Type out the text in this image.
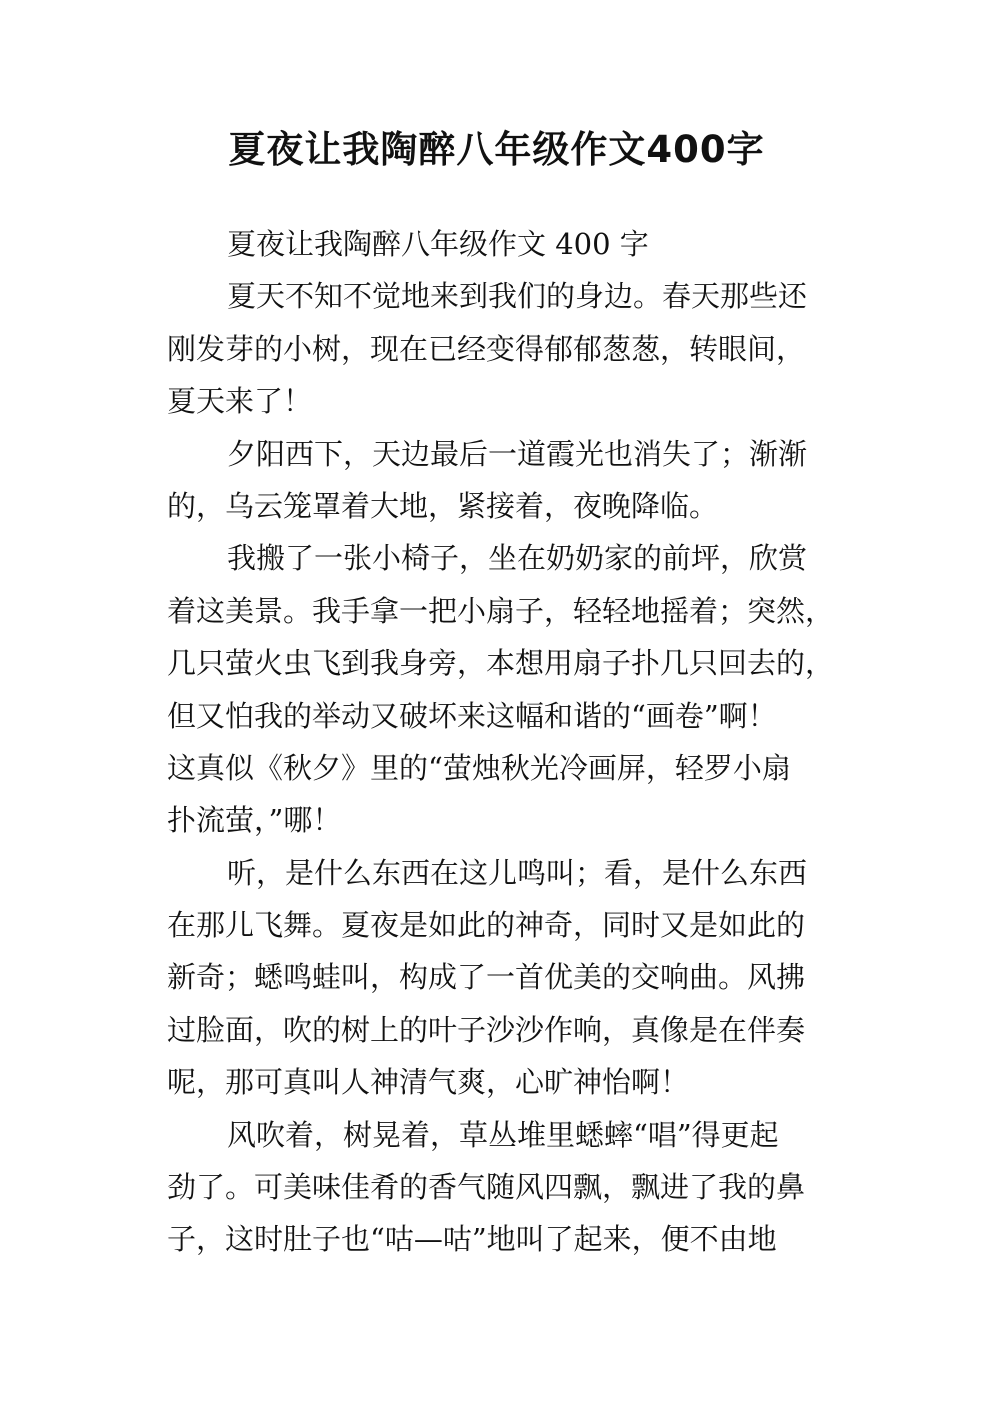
夏夜让我陶醉八年级作文400字
夏夜让我陶醉八年级作文 400 字
夏天不知不觉地来到我们的身边。春天那些还
刚发芽的小树，现在已经变得郁郁葱葱，转眼间，
夏天来了！
夕阳西下，天边最后一道霞光也消失了；渐渐
的，乌云笼罩着大地，紧接着，夜晚降临。
我搬了一张小椅子，坐在奶奶家的前坪，欣赏
着这美景。我手拿一把小扇子，轻轻地摇着；突然，
几只萤火虫飞到我身旁，本想用扇子扑几只回去的，
但又怕我的举动又破坏来这幅和谐的“画卷”啊！
这真似《秋夕》里的“萤烛秋光冷画屏，轻罗小扇
扑流萤，”哪！
听，是什么东西在这儿鸣叫；看，是什么东西
在那儿飞舞。夏夜是如此的神奇，同时又是如此的
新奇；蟋鸣蛙叫，构成了一首优美的交响曲。风拂
过脸面，吹的树上的叶子沙沙作响，真像是在伴奏
呢，那可真叫人神清气爽，心旷神怡啊！
风吹着，树晃着，草丛堆里蟋蟀“唱”得更起
劲了。可美味佳肴的香气随风四飘，飘进了我的鼻
子，这时肚子也“咕—咕”地叫了起来，便不由地
